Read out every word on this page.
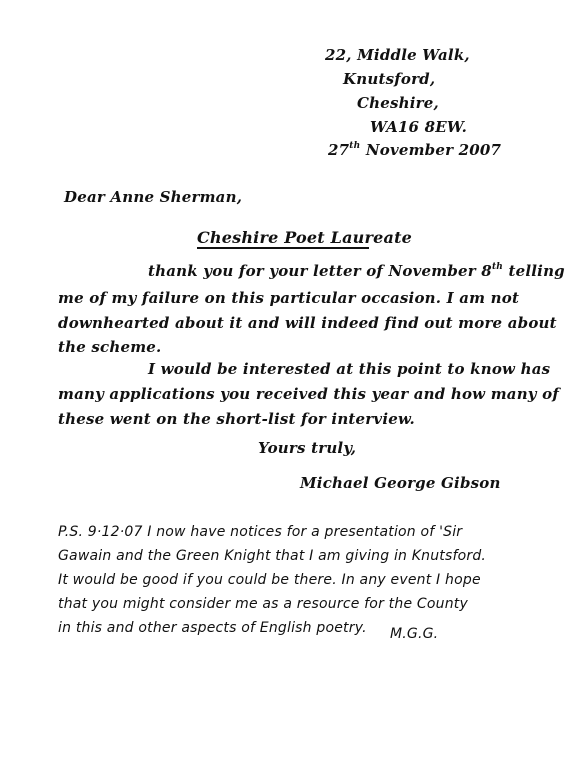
22, Middle Walk,
Knutsford,
Cheshire,
WA16 8EW.
27th November 2007
Dear Anne Sherman,
Cheshire Poet Laureate
thank you for your letter of November 8th telling
me of my failure on this particular occasion. I am not
downhearted about it and will indeed find out more about
the scheme.
I would be interested at this point to know has
many applications you received this year and how many of
these went on the short-list for interview.
Yours truly,
Michael George Gibson
P.S. 9·12·07 I now have notices for a presentation of 'Sir
Gawain and the Green Knight that I am giving in Knutsford.
It would be good if you could be there. In any event I hope
that you might consider me as a resource for the County
in this and other aspects of English poetry. M.G.G.
